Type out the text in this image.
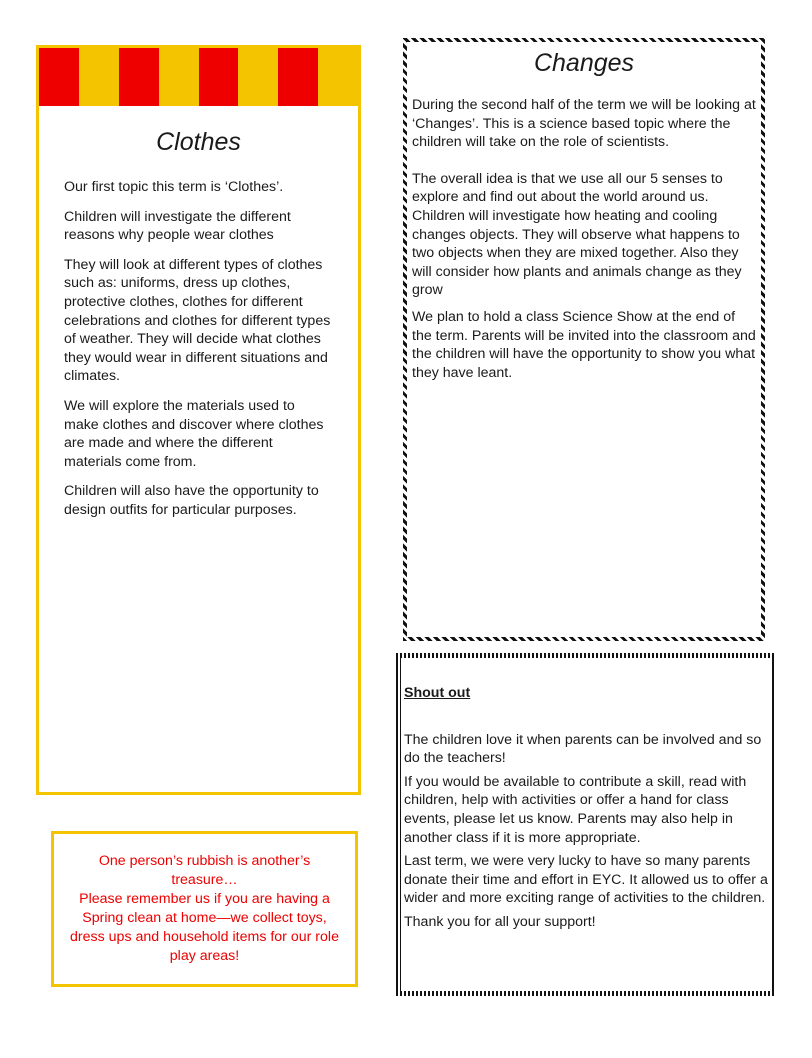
Clothes

Our first topic this term is ‘Clothes’.

Children will investigate the different reasons why people wear clothes

They will look at different types of clothes such as: uniforms, dress up clothes, protective clothes, clothes for different celebrations and clothes for different types of weather. They will decide what clothes they would wear in different situations and climates.

We will explore the materials used to make clothes and discover where clothes are made and where the different materials come from.

Children will also have the opportunity to design outfits for particular purposes.

One person’s rubbish is another’s treasure…
Please remember us if you are having a Spring clean at home—we collect toys, dress ups and household items for our role play areas!
Changes

During the second half of the term we will be looking at ‘Changes’. This is a science based topic where the children will take on the role of scientists.

The overall idea is that we use all our 5 senses to explore and find out about the world around us. Children will investigate how heating and cooling changes objects. They will observe what happens to two objects when they are mixed together. Also they will consider how plants and animals change as they grow

We plan to hold a class Science Show at the end of the term. Parents will be invited into the classroom and the children will have the opportunity to show you what they have leant.

Shout out

The children love it when parents can be involved and so do the teachers!

If you would be available to contribute a skill, read with children, help with activities or offer a hand for class events, please let us know. Parents may also help in another class if it is more appropriate.

Last term, we were very lucky to have so many parents donate their time and effort in EYC. It allowed us to offer a wider and more exciting range of activities to the children.

Thank you for all your support!
